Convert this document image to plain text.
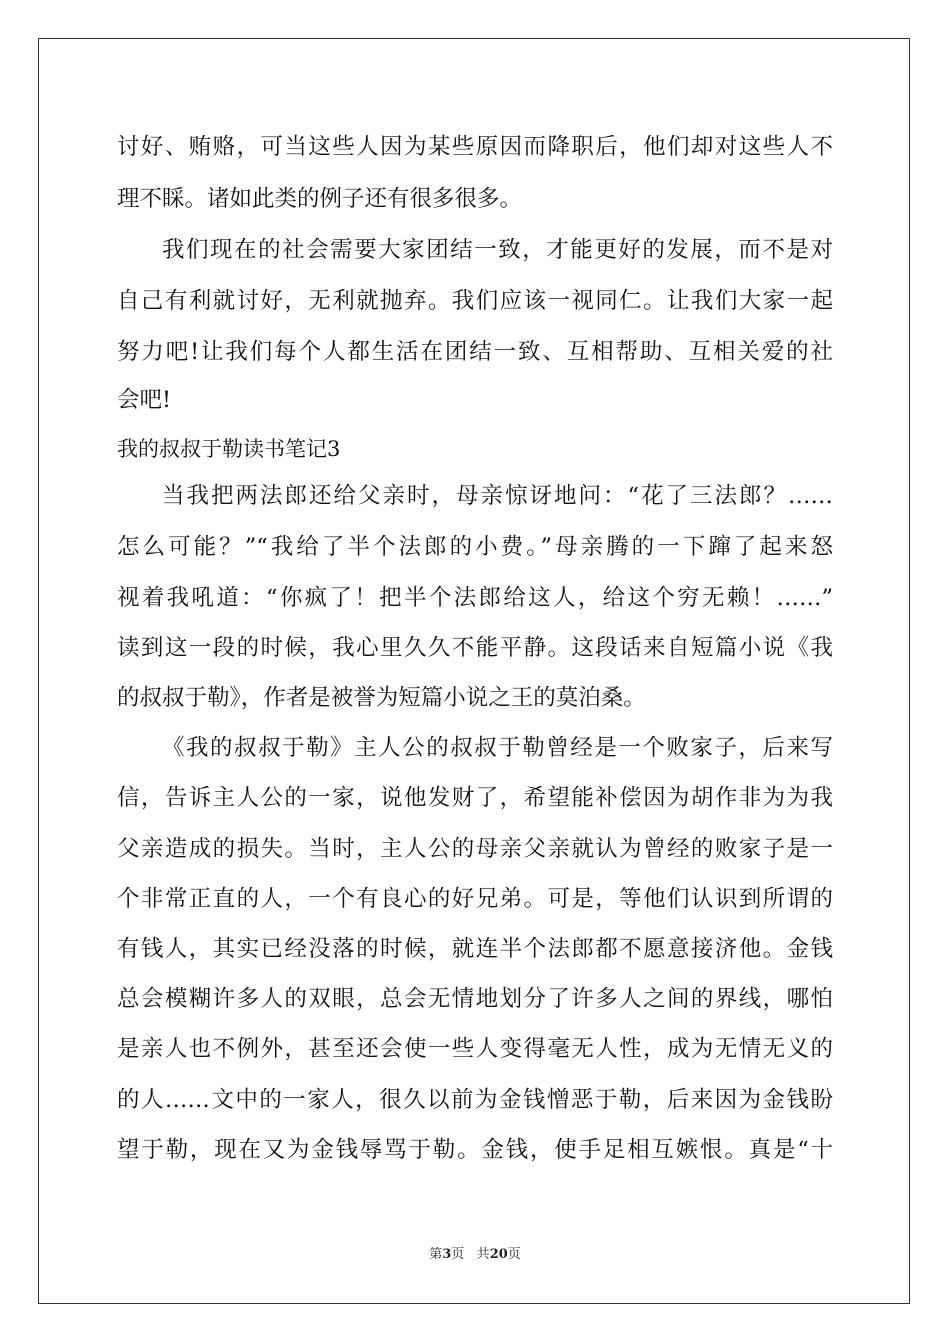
讨好、贿赂，可当这些人因为某些原因而降职后，他们却对这些人不
理不睬。诸如此类的例子还有很多很多。
我们现在的社会需要大家团结一致，才能更好的发展，而不是对
自己有利就讨好，无利就抛弃。我们应该一视同仁。让我们大家一起
努力吧!让我们每个人都生活在团结一致、互相帮助、互相关爱的社
会吧!
我的叔叔于勒读书笔记3
当我把两法郎还给父亲时，母亲惊讶地问：“花了三法郎？……
怎么可能？”“我给了半个法郎的小费。”母亲腾的一下蹿了起来怒
视着我吼道：“你疯了！把半个法郎给这人，给这个穷无赖！……”
读到这一段的时候，我心里久久不能平静。这段话来自短篇小说《我
的叔叔于勒》，作者是被誉为短篇小说之王的莫泊桑。
《我的叔叔于勒》主人公的叔叔于勒曾经是一个败家子，后来写
信，告诉主人公的一家，说他发财了，希望能补偿因为胡作非为为我
父亲造成的损失。当时，主人公的母亲父亲就认为曾经的败家子是一
个非常正直的人，一个有良心的好兄弟。可是，等他们认识到所谓的
有钱人，其实已经没落的时候，就连半个法郎都不愿意接济他。金钱
总会模糊许多人的双眼，总会无情地划分了许多人之间的界线，哪怕
是亲人也不例外，甚至还会使一些人变得毫无人性，成为无情无义的
的人……文中的一家人，很久以前为金钱憎恶于勒，后来因为金钱盼
望于勒，现在又为金钱辱骂于勒。金钱，使手足相互嫉恨。真是“十
第3页 共20页
